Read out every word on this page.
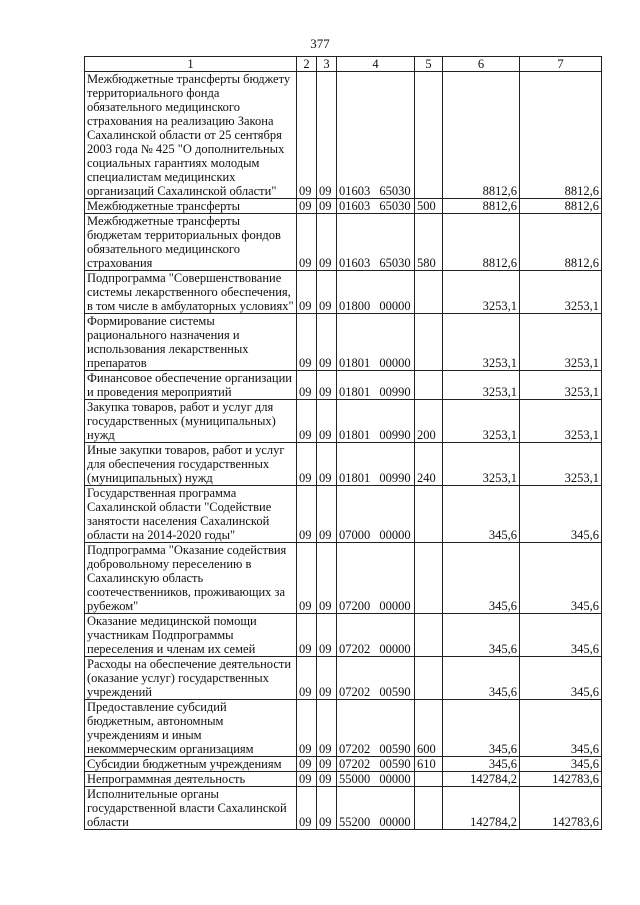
377
1	2	3	4	5	6	7
Межбюджетные трансферты бюджету территориального фонда обязательного медицинского страхования на реализацию Закона Сахалинской области от 25 сентября 2003 года № 425 "О дополнительных социальных гарантиях молодым специалистам медицинских организаций Сахалинской области"	09	09	01603 65030		8812,6	8812,6
Межбюджетные трансферты	09	09	01603 65030	500	8812,6	8812,6
Межбюджетные трансферты бюджетам территориальных фондов обязательного медицинского страхования	09	09	01603 65030	580	8812,6	8812,6
Подпрограмма "Совершенствование системы лекарственного обеспечения, в том числе в амбулаторных условиях"	09	09	01800 00000		3253,1	3253,1
Формирование системы рационального назначения и использования лекарственных препаратов	09	09	01801 00000		3253,1	3253,1
Финансовое обеспечение организации и проведения мероприятий	09	09	01801 00990		3253,1	3253,1
Закупка товаров, работ и услуг для государственных (муниципальных) нужд	09	09	01801 00990	200	3253,1	3253,1
Иные закупки товаров, работ и услуг для обеспечения государственных (муниципальных) нужд	09	09	01801 00990	240	3253,1	3253,1
Государственная программа Сахалинской области "Содействие занятости населения Сахалинской области на 2014-2020 годы"	09	09	07000 00000		345,6	345,6
Подпрограмма "Оказание содействия добровольному переселению в Сахалинскую область соотечественников, проживающих за рубежом"	09	09	07200 00000		345,6	345,6
Оказание медицинской помощи участникам Подпрограммы переселения и членам их семей	09	09	07202 00000		345,6	345,6
Расходы на обеспечение деятельности (оказание услуг) государственных учреждений	09	09	07202 00590		345,6	345,6
Предоставление субсидий бюджетным, автономным учреждениям и иным некоммерческим организациям	09	09	07202 00590	600	345,6	345,6
Субсидии бюджетным учреждениям	09	09	07202 00590	610	345,6	345,6
Непрограммная деятельность	09	09	55000 00000		142784,2	142783,6
Исполнительные органы государственной власти Сахалинской области	09	09	55200 00000		142784,2	142783,6
